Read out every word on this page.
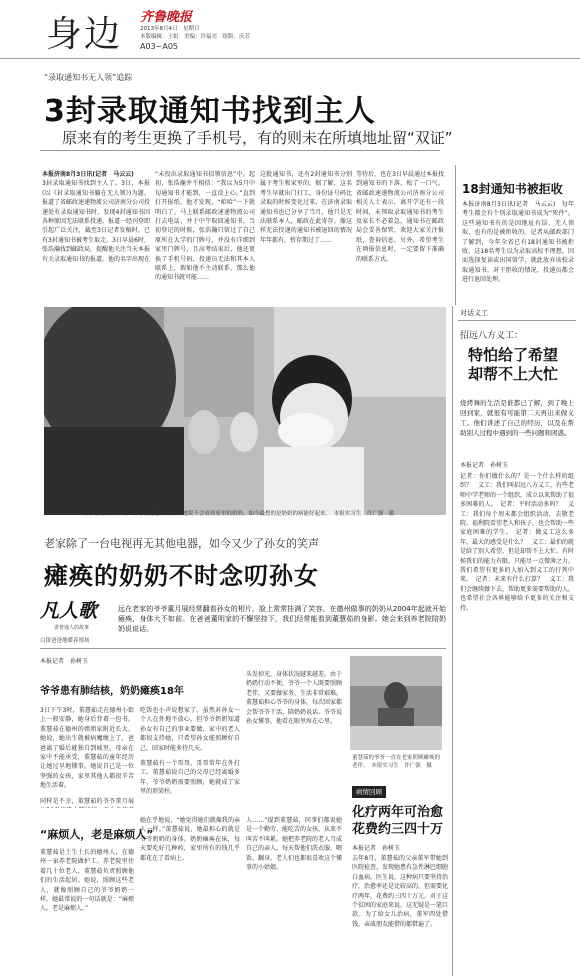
身边 齐鲁晚报
2013年8月4日　星期日
本版编辑：王娟　美编：许福亮　组版：庆芳
A03~A05
“录取通知书无人领”追踪
3封录取通知书找到主人
原来有的考生更换了手机号，有的则未在所填地址留“双证”

本报济南8月3日讯(记者　马云云)

3封录取通知书找到主人了。3日，本报(以《封录取通知书躺在无人领》)为题，报道了省邮政速递物流公司济南分公司投递处有录取通知书时，发现4封通知书因各种原因无法联系投递。报道一经刊登即引起广泛关注，截至3日记者发稿时，已有3封通知书被考生取走。3日早晨6时，张浩瀚找到邮政局，提醒他关注当天本报有关录取通知书的报道。他的名字出现在

“未投出录取通知书招领信息”中。起初，张浩瀚并不相信：“我以为5月中旬通知书才能到，一直没上心。”直到打开报纸，他才发现，“咱哈”一下就明白了。马上联系邮政速递物流公司打去电话，并于中午取回通知书。当初登记的时候，张浩瀚只留过了自己原所在大学的门牌号，并没有详细到家里门牌号，且高考结束后，他还更换了手机号码，投递员无法和其本人联系上，假如他不主动联系，那么他的通知书就可能……

这批通知书，还有2封通知书分别属于考生和家里的。据了解，这名考生早就出门打工，身份证号码比录取的时候变化过来，在济南录取通知书也已分享了当月，他只是无法联系本人，邮政在此寄存。像这样无法投递的通知书被退回的情况年年都有，暂存期过了……

等待后，也在3日早晨通过本报找到通知书的下落，松了一口气。省邮政速递物流公司济南分公司相关人士表示，离开学还有一段时间，未领取录取通知书的考生及家长不必着急，通知书在邮政局会妥善保管，欢迎大家关注报纸，查询信息。另外，希望考生在填报信息时，一定要留下准确的联系方式。

18封通知书被拒收
本报济南8月3日讯(记者　马云云)　每年考生都会有个别录取通知书成为“死件”。这些通知书有的是因地址有误、无人领取，也有的是被拒收的。记者从邮政部门了解到，今年全省已有18封通知书被拒收。这18名考生以为录取高校不理想，因而选择复读或出国留学，就此放弃该校录取通知书。对于拒收的情况，投递员都会进行退回处理。
3日，在德州市，义工和小孩董慧茹鼓掌。她说不会看到家里的奶奶，如今最想的是奶奶的病能好起来。　本报实习生　许广强　摄
老家除了一台电视再无其他电器，如今又少了孙女的笑声
瘫痪的奶奶不时念叨孙女
凡人歌
讲普通人的故事
白银爸爸地暖养殖场
远在老家的爷爷董月展经常翻看孙女的相片，脸上常常挂满了笑容。在德州做事的奶奶从2004年起就开始瘫痪，身体大不如前。在爸爸董明家的不懈坚持下，我们经常能看到董慧茹的身影。她会来到养老院陪奶奶说说话。
本报记者　孙树玉
爷爷患有肺结核，奶奶瘫痪18年

3日下午3时，董慧茹走在德州小街上一般安静，她身后背着一包书。董慧茹在德州的姐姐家附近长大。她说，她出生就被病魔缠上了，爸爸离了婚后就独自到城里。母亲在家中不能承受，董慧茹的童年经历让她过早地懂事。她说自己是一位坚强的女孩，家里其他人都很辛苦地生活着。

同样是不幸，董慧茹的爷爷董月展

吃饭也小声说想家了。虽然对孙女一个人在外地不放心，但爷爷奶奶知道孙女有自己的事业要做，家中的老人都很支持她，只希望孙女能照顾好自己，回家时能多待几天。

董慧茹有一个哥哥，哥哥常年在外打工。董慧茹说自己的父母已经离婚多年，爷爷奶奶需要照顾，她就成了家里的顶梁柱。

头发掉光，身体状况越来越差。由于奶奶行动不便，爷爷一个人既要照顾老伴，又要做家务，生活非常艰难。董慧茹担心爷爷的身体，每次回家都会帮爷爷干活，陪奶奶说话。爷爷说孙女懂事，他看在眼里疼在心里。
董慧茹的爷爷一直在老家照顾瘫痪的老伴。　本报实习生　许广强　摄
“麻烦人，老是麻烦人”
董慧茹是土生土长的德州人，在德州一家养老院做护工。养老院里住着几十位老人，董慧茹负责照顾他们的生活起居。她说，照顾这些老人，就像照顾自己的爷爷奶奶一样。她最常说的一句话就是：“麻烦人，老是麻烦人。”
她在乎地说，“她觉得她们就像我的亲人一样。”董慧茹说，她最担心的就是爷爷奶奶的身体。奶奶瘫痪在床，每天要吃好几种药，家里所有的钱几乎都花在了看病上。
人……”提到董慧茹，同事们都说她是一个勤劳、能吃苦的女孩，从来不叫苦不叫累。她把养老院的老人当成自己的亲人，每天帮他们洗衣服、喂饭、翻身。老人们也都很喜欢这个懂事的小姑娘。
病情回顾
化疗两年可治愈 花费约三四十万
本报记者　孙树玉
去年8月，董慧茹的父亲董军带她到医院检查，发现她患有急性淋巴细胞白血病。医生说，这种病只要坚持治疗，治愈率还是比较高的，但需要化疗两年，花费约三四十万元。对于这个贫困的家庭来说，这无疑是一笔巨款。为了给女儿治病，董军四处借钱，亲戚朋友能借的都借遍了。
对话义工
招远八方义工：
特怕给了希望却帮不上大忙
烧烤舞的生活是谁都已了解，到了晚上回到家，就很有可能第二天再出来做义工。他们讲述了自己的经历，以及在帮助别人过程中遇到的一些问题和困惑。
本报记者　孙树玉
记者：你们做什么的？是一个什么样的组织？　义工：我们叫招远八方义工，有些老师中学老师的一个组织，成立以来帮助了很多困难的人。　记者：平时活动多吗？　义工：我们每个周末都会组织活动，去敬老院、福利院看望老人和孩子，也会帮助一些家庭困难的学生。　记者：做义工这么多年，最大的感受是什么？　义工：最怕的就是给了别人希望，但是却帮不上大忙。有时候我们的能力有限，只能尽一点微薄之力。我们希望有更多的人加入到义工的行列中来。　记者：未来有什么打算？　义工：我们会继续做下去，帮助更多需要帮助的人，也希望社会各界能够给予更多的关注和支持。
